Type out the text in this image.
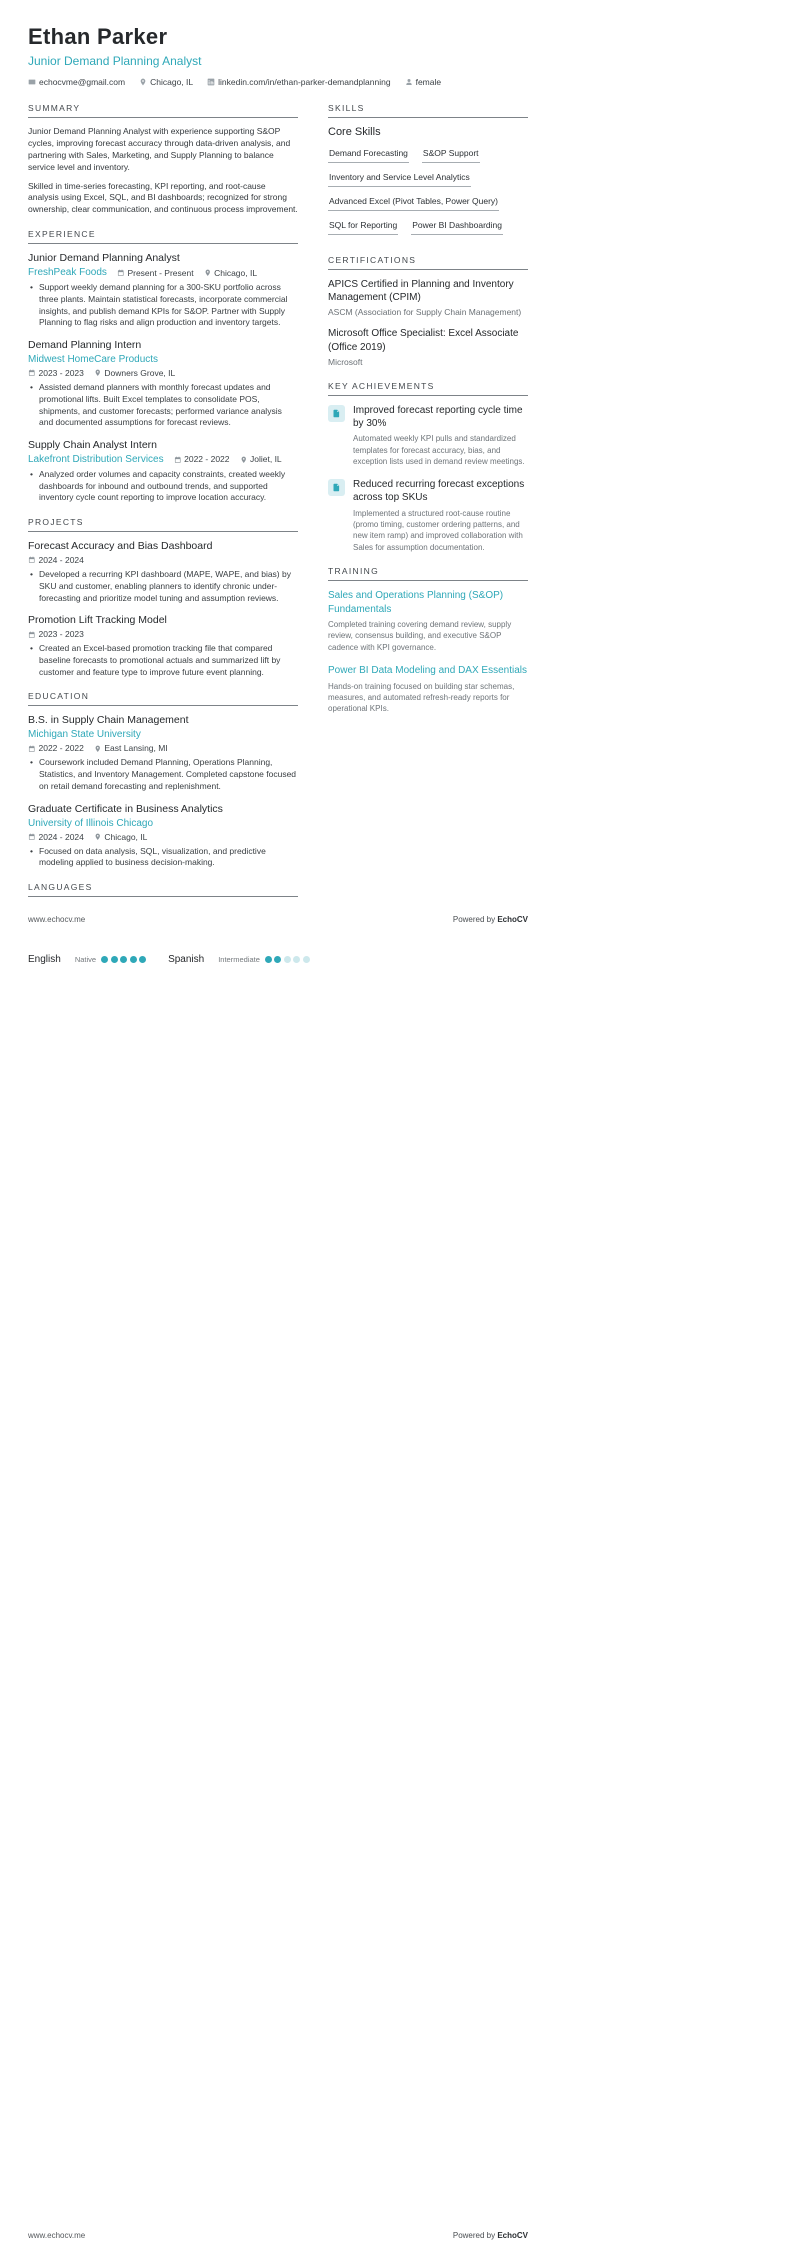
Ethan Parker
Junior Demand Planning Analyst
echocvme@gmail.com	Chicago, IL	linkedin.com/in/ethan-parker-demandplanning	female
SUMMARY

Junior Demand Planning Analyst with experience supporting S&OP cycles, improving forecast accuracy through data-driven analysis, and partnering with Sales, Marketing, and Supply Planning to balance service level and inventory.

Skilled in time-series forecasting, KPI reporting, and root-cause analysis using Excel, SQL, and BI dashboards; recognized for strong ownership, clear communication, and continuous process improvement.

EXPERIENCE
Junior Demand Planning Analyst
FreshPeak Foods Present - Present Chicago, IL
• Support weekly demand planning for a 300-SKU portfolio across three plants. Maintain statistical forecasts, incorporate commercial insights, and publish demand KPIs for S&OP. Partner with Supply Planning to flag risks and align production and inventory targets.
Demand Planning Intern
Midwest HomeCare Products
2023 - 2023 Downers Grove, IL
• Assisted demand planners with monthly forecast updates and promotional lifts. Built Excel templates to consolidate POS, shipments, and customer forecasts; performed variance analysis and documented assumptions for forecast reviews.
Supply Chain Analyst Intern
Lakefront Distribution Services 2022 - 2022 Joliet, IL
• Analyzed order volumes and capacity constraints, created weekly dashboards for inbound and outbound trends, and supported inventory cycle count reporting to improve location accuracy.
PROJECTS
Forecast Accuracy and Bias Dashboard
2024 - 2024
• Developed a recurring KPI dashboard (MAPE, WAPE, and bias) by SKU and customer, enabling planners to identify chronic under-forecasting and prioritize model tuning and assumption reviews.
Promotion Lift Tracking Model
2023 - 2023
• Created an Excel-based promotion tracking file that compared baseline forecasts to promotional actuals and summarized lift by customer and feature type to improve future event planning.
EDUCATION
B.S. in Supply Chain Management
Michigan State University
2022 - 2022 East Lansing, MI
• Coursework included Demand Planning, Operations Planning, Statistics, and Inventory Management. Completed capstone focused on retail demand forecasting and replenishment.
Graduate Certificate in Business Analytics
University of Illinois Chicago
2024 - 2024 Chicago, IL
• Focused on data analysis, SQL, visualization, and predictive modeling applied to business decision-making.
LANGUAGES
SKILLS
Core Skills
Demand Forecasting S&OP Support
Inventory and Service Level Analytics
Advanced Excel (Pivot Tables, Power Query)
SQL for Reporting Power BI Dashboarding
CERTIFICATIONS
APICS Certified in Planning and Inventory Management (CPIM)
ASCM (Association for Supply Chain Management)
Microsoft Office Specialist: Excel Associate (Office 2019)
Microsoft
KEY ACHIEVEMENTS
Improved forecast reporting cycle time by 30%
Automated weekly KPI pulls and standardized templates for forecast accuracy, bias, and exception lists used in demand review meetings.
Reduced recurring forecast exceptions across top SKUs
Implemented a structured root-cause routine (promo timing, customer ordering patterns, and new item ramp) and improved collaboration with Sales for assumption documentation.
TRAINING
Sales and Operations Planning (S&OP) Fundamentals
Completed training covering demand review, supply review, consensus building, and executive S&OP cadence with KPI governance.
Power BI Data Modeling and DAX Essentials
Hands-on training focused on building star schemas, measures, and automated refresh-ready reports for operational KPIs.
www.echocv.me	Powered by EchoCV
English Native	Spanish Intermediate
www.echocv.me	Powered by EchoCV
